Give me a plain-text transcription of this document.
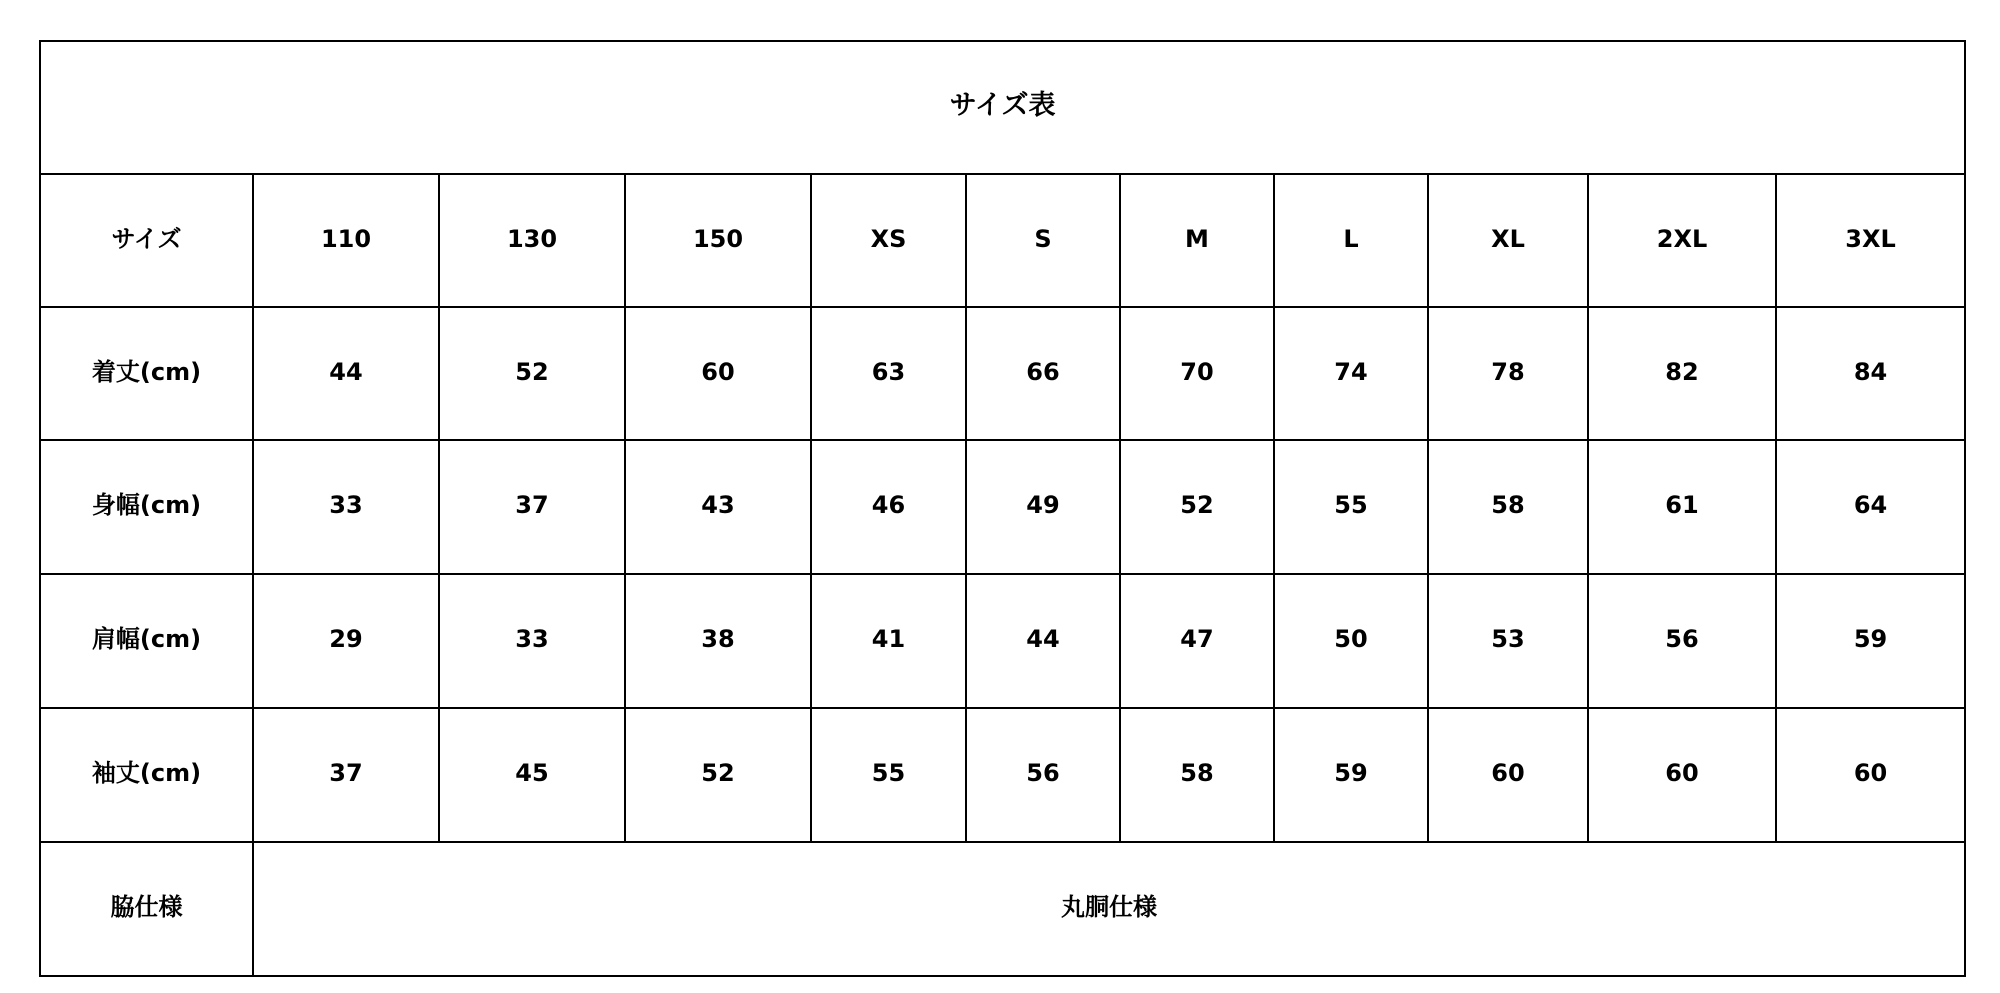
サイズ表										
サイズ	110	130	150	XS	S	M	L	XL	2XL	3XL
着丈(cm)	44	52	60	63	66	70	74	78	82	84
身幅(cm)	33	37	43	46	49	52	55	58	61	64
肩幅(cm)	29	33	38	41	44	47	50	53	56	59
袖丈(cm)	37	45	52	55	56	58	59	60	60	60
脇仕様	丸胴仕様									
